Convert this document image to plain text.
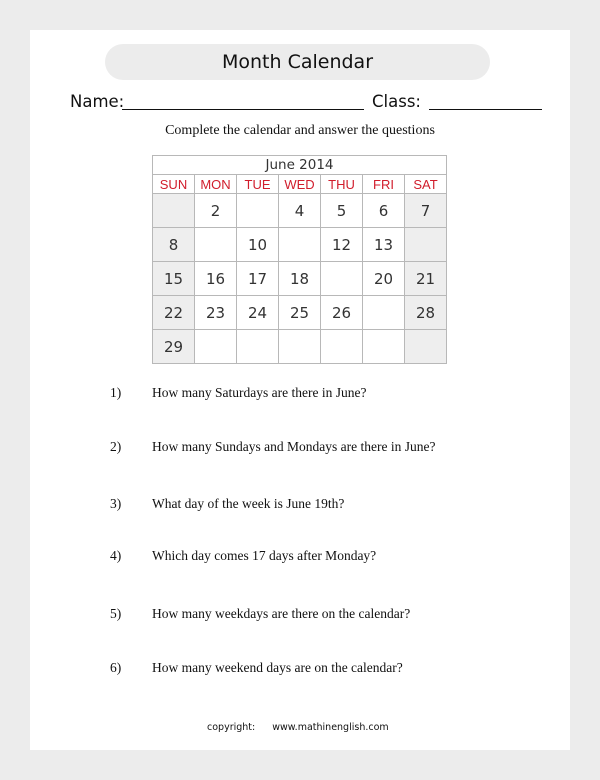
Month Calendar
Name:	Class:
Complete the calendar and answer the questions
June 2014						
SUN	MON	TUE	WED	THU	FRI	SAT
	2		4	5	6	7
8		10		12	13	
15	16	17	18		20	21
22	23	24	25	26		28
29						
1) How many Saturdays are there in June?
2) How many Sundays and Mondays are there in June?
3) What day of the week is June 19th?
4) Which day comes 17 days after Monday?
5) How many weekdays are there on the calendar?
6) How many weekend days are on the calendar?
copyright: www.mathinenglish.com
